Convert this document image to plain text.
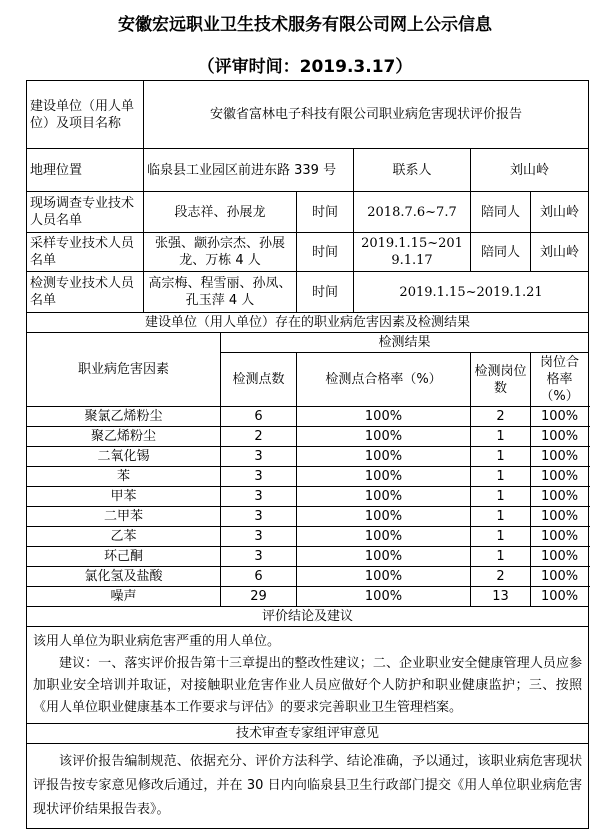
安徽宏远职业卫生技术服务有限公司网上公示信息
（评审时间：2019.3.17）
建设单位（用人单位）及项目名称	安徽省富林电子科技有限公司职业病危害现状评价报告					
地理位置	临泉县工业园区前进东路 339 号			联系人	刘山岭	
现场调查专业技术人员名单	段志祥、孙展龙		时间	2018.7.6~7.7	陪同人	刘山岭
采样专业技术人员名单	张强、颛孙宗杰、孙展龙、万栋 4 人		时间	2019.1.15~2019.1.17	陪同人	刘山岭
检测专业技术人员名单	高宗梅、程雪丽、孙凤、孔玉萍 4 人		时间	2019.1.15~2019.1.21		
建设单位（用人单位）存在的职业病危害因素及检测结果						
职业病危害因素		检测结果				
		检测点数	检测点合格率（%）		检测岗位数	岗位合格率（%）
聚氯乙烯粉尘		6	100%		2	100%
聚乙烯粉尘		2	100%		1	100%
二氧化锡		3	100%		1	100%
苯		3	100%		1	100%
甲苯		3	100%		1	100%
二甲苯		3	100%		1	100%
乙苯		3	100%		1	100%
环己酮		3	100%		1	100%
氯化氢及盐酸		6	100%		2	100%
噪声		29	100%		13	100%
评价结论及建议						

该用人单位为职业病危害严重的用人单位。
建议：一、落实评价报告第十三章提出的整改性建议；二、企业职业安全健康管理人员应参加职业安全培训并取证，对接触职业危害作业人员应做好个人防护和职业健康监护；三、按照《用人单位职业健康基本工作要求与评估》的要求完善职业卫生管理档案。						

技术审查专家组评审意见						
该评价报告编制规范、依据充分、评价方法科学、结论准确，予以通过，该职业病危害现状评报告按专家意见修改后通过，并在 30 日内向临泉县卫生行政部门提交《用人单位职业病危害现状评价结果报告表》。						
